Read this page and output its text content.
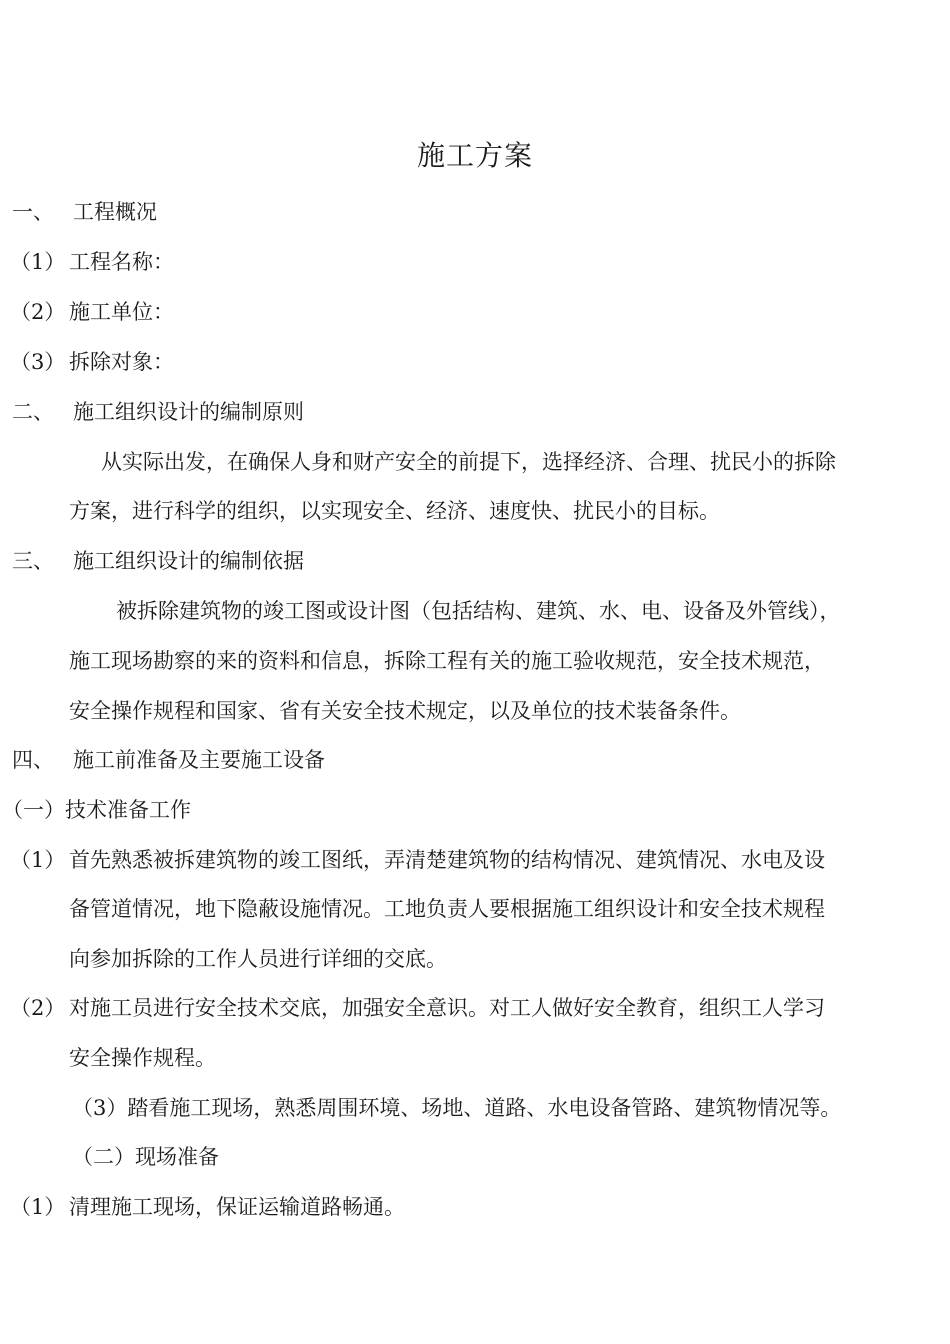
施工方案
一、 工程概况
（1） 工程名称：
（2） 施工单位：
（3） 拆除对象：
二、 施工组织设计的编制原则
从实际出发，在确保人身和财产安全的前提下，选择经济、合理、扰民小的拆除
方案，进行科学的组织，以实现安全、经济、速度快、扰民小的目标。
三、 施工组织设计的编制依据
被拆除建筑物的竣工图或设计图（包括结构、建筑、水、电、设备及外管线），
施工现场勘察的来的资料和信息，拆除工程有关的施工验收规范，安全技术规范，
安全操作规程和国家、省有关安全技术规定，以及单位的技术装备条件。
四、 施工前准备及主要施工设备
（一）技术准备工作
（1） 首先熟悉被拆建筑物的竣工图纸，弄清楚建筑物的结构情况、建筑情况、水电及设
备管道情况，地下隐蔽设施情况。工地负责人要根据施工组织设计和安全技术规程
向参加拆除的工作人员进行详细的交底。
（2） 对施工员进行安全技术交底，加强安全意识。对工人做好安全教育，组织工人学习
安全操作规程。
（3）踏看施工现场，熟悉周围环境、场地、道路、水电设备管路、建筑物情况等。
（二）现场准备
（1） 清理施工现场，保证运输道路畅通。
